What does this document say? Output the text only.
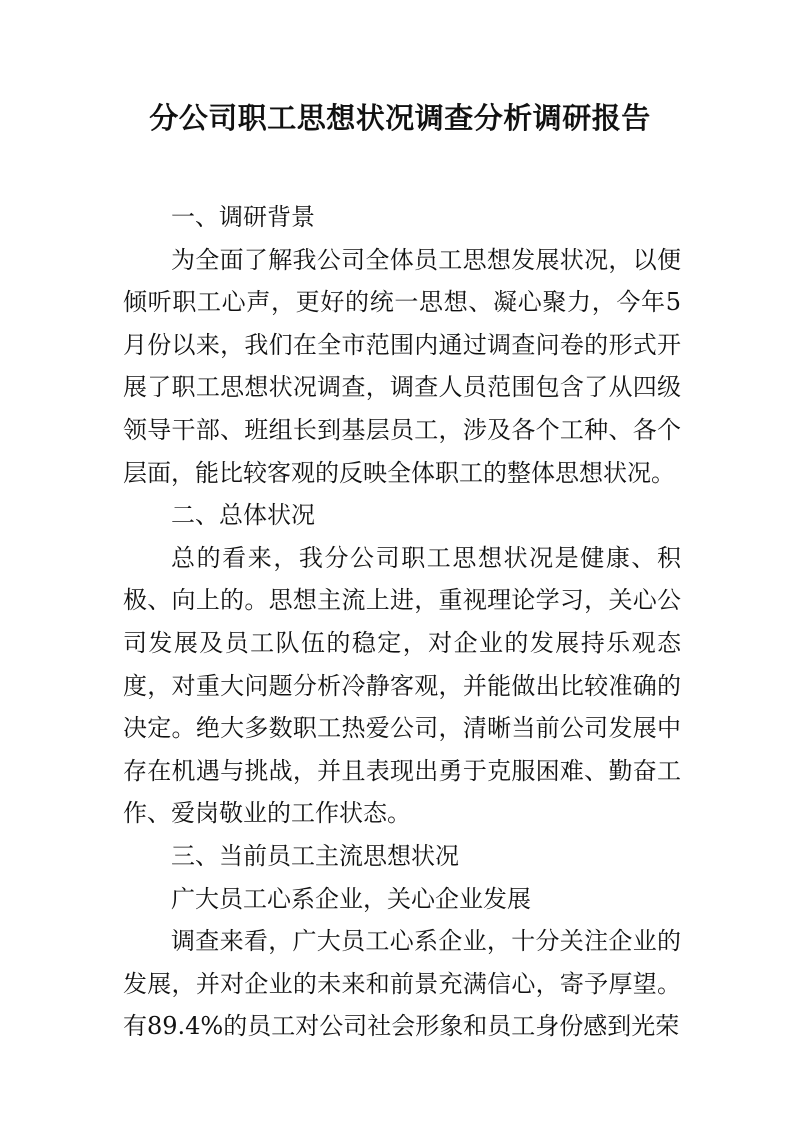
分公司职工思想状况调查分析调研报告

一、调研背景

为全面了解我公司全体员工思想发展状况，以便倾听职工心声，更好的统一思想、凝心聚力，今年5月份以来，我们在全市范围内通过调查问卷的形式开展了职工思想状况调查，调查人员范围包含了从四级领导干部、班组长到基层员工，涉及各个工种、各个层面，能比较客观的反映全体职工的整体思想状况。

二、总体状况

总的看来，我分公司职工思想状况是健康、积极、向上的。思想主流上进，重视理论学习，关心公司发展及员工队伍的稳定，对企业的发展持乐观态度，对重大问题分析冷静客观，并能做出比较准确的决定。绝大多数职工热爱公司，清晰当前公司发展中存在机遇与挑战，并且表现出勇于克服困难、勤奋工作、爱岗敬业的工作状态。

三、当前员工主流思想状况

广大员工心系企业，关心企业发展

调查来看，广大员工心系企业，十分关注企业的发展，并对企业的未来和前景充满信心，寄予厚望。有89.4%的员工对公司社会形象和员工身份感到光荣
